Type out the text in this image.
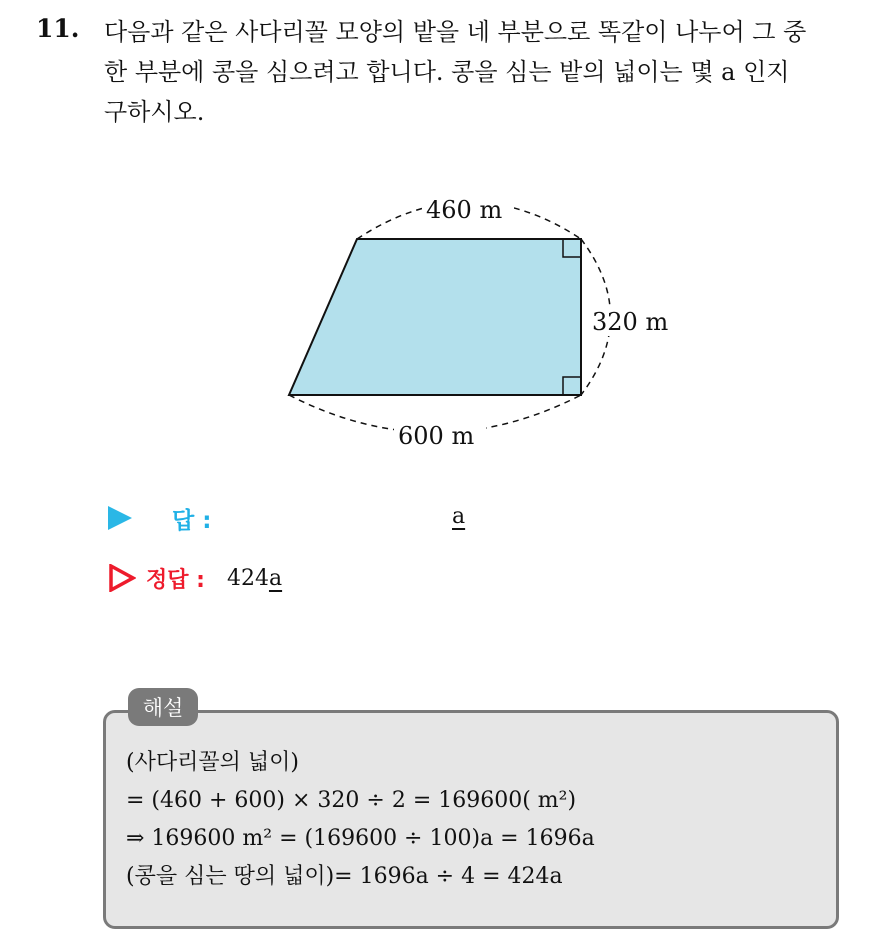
11. 다음과 같은 사다리꼴 모양의 밭을 네 부분으로 똑같이 나누어 그 중
한 부분에 콩을 심으려고 합니다. 콩을 심는 밭의 넓이는 몇 a 인지
구하시오.
460 m
320 m
600 m
답 :	a
정답 : 424 a
해설
(사다리꼴의 넓이)
= (460 + 600) × 320 ÷ 2 = 169600( m²)
⇒ 169600 m² = (169600 ÷ 100)a = 1696a
(콩을 심는 땅의 넓이)= 1696a ÷ 4 = 424a
